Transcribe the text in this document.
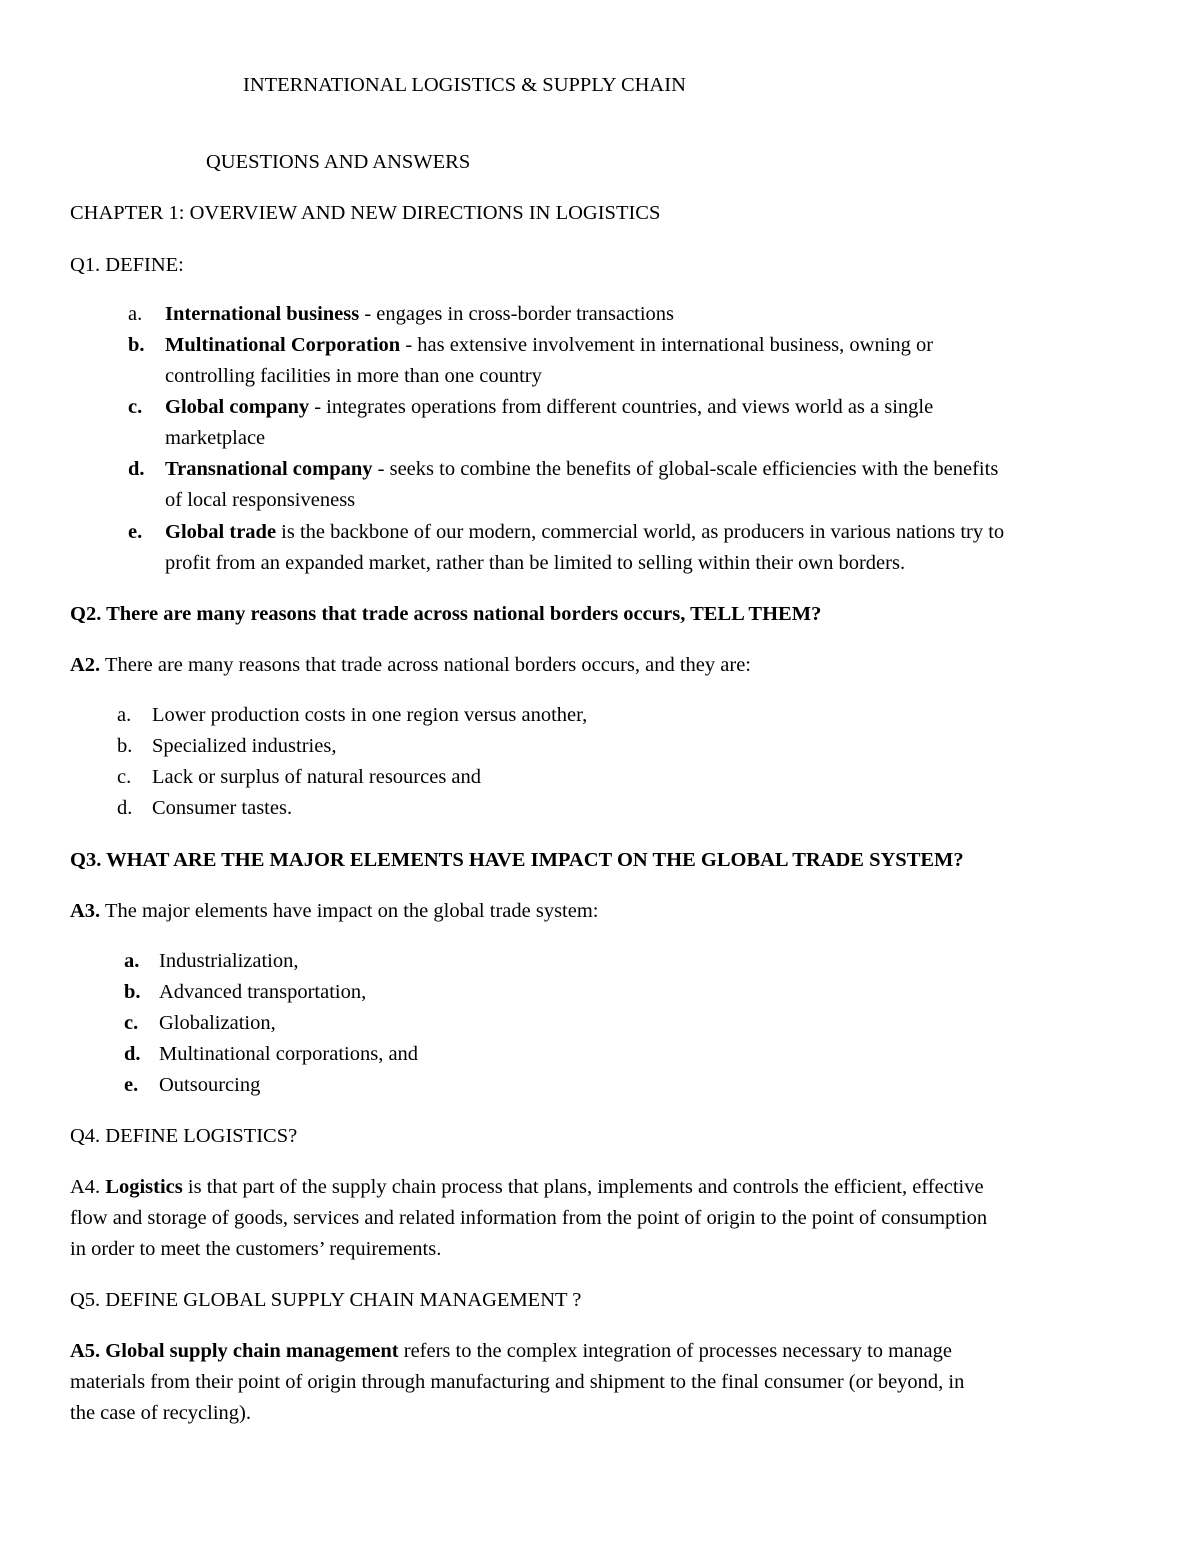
INTERNATIONAL LOGISTICS & SUPPLY CHAIN
QUESTIONS AND ANSWERS
CHAPTER 1: OVERVIEW AND NEW DIRECTIONS IN LOGISTICS
Q1. DEFINE:
a. International business - engages in cross-border transactions
b. Multinational Corporation - has extensive involvement in international business, owning or
controlling facilities in more than one country
c. Global company - integrates operations from different countries, and views world as a single
marketplace
d. Transnational company - seeks to combine the benefits of global-scale efficiencies with the benefits
of local responsiveness
e. Global trade is the backbone of our modern, commercial world, as producers in various nations try to
profit from an expanded market, rather than be limited to selling within their own borders.
Q2. There are many reasons that trade across national borders occurs, TELL THEM?
A2. There are many reasons that trade across national borders occurs, and they are:
a. Lower production costs in one region versus another,
b. Specialized industries,
c. Lack or surplus of natural resources and
d. Consumer tastes.
Q3. WHAT ARE THE MAJOR ELEMENTS HAVE IMPACT ON THE GLOBAL TRADE SYSTEM?
A3. The major elements have impact on the global trade system:
a. Industrialization,
b. Advanced transportation,
c. Globalization,
d. Multinational corporations, and
e. Outsourcing
Q4. DEFINE LOGISTICS?
A4. Logistics is that part of the supply chain process that plans, implements and controls the efficient, effective
flow and storage of goods, services and related information from the point of origin to the point of consumption
in order to meet the customers’ requirements.
Q5. DEFINE GLOBAL SUPPLY CHAIN MANAGEMENT ?
A5. Global supply chain management refers to the complex integration of processes necessary to manage
materials from their point of origin through manufacturing and shipment to the final consumer (or beyond, in
the case of recycling).
